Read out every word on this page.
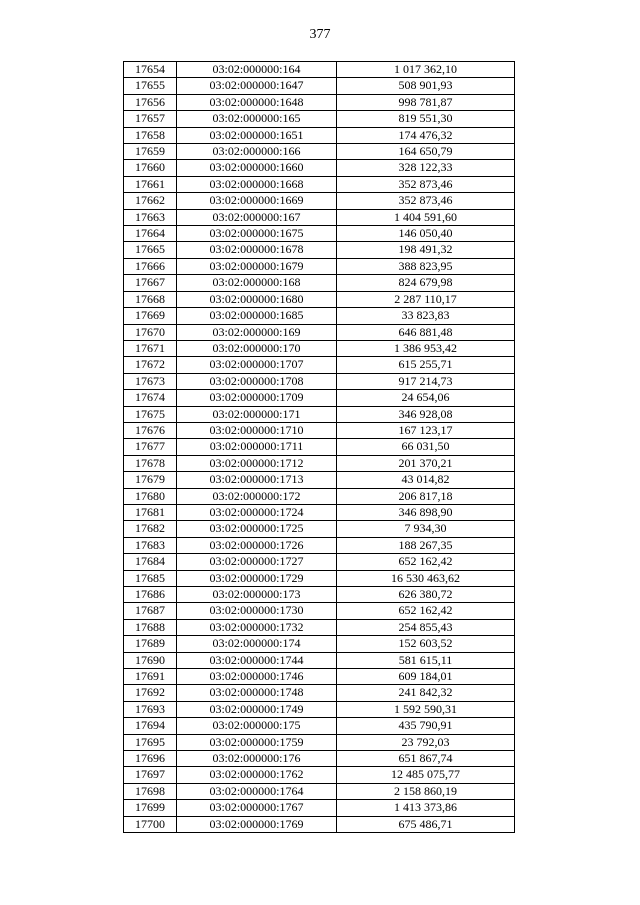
377
17654	03:02:000000:164	1 017 362,10
17655	03:02:000000:1647	508 901,93
17656	03:02:000000:1648	998 781,87
17657	03:02:000000:165	819 551,30
17658	03:02:000000:1651	174 476,32
17659	03:02:000000:166	164 650,79
17660	03:02:000000:1660	328 122,33
17661	03:02:000000:1668	352 873,46
17662	03:02:000000:1669	352 873,46
17663	03:02:000000:167	1 404 591,60
17664	03:02:000000:1675	146 050,40
17665	03:02:000000:1678	198 491,32
17666	03:02:000000:1679	388 823,95
17667	03:02:000000:168	824 679,98
17668	03:02:000000:1680	2 287 110,17
17669	03:02:000000:1685	33 823,83
17670	03:02:000000:169	646 881,48
17671	03:02:000000:170	1 386 953,42
17672	03:02:000000:1707	615 255,71
17673	03:02:000000:1708	917 214,73
17674	03:02:000000:1709	24 654,06
17675	03:02:000000:171	346 928,08
17676	03:02:000000:1710	167 123,17
17677	03:02:000000:1711	66 031,50
17678	03:02:000000:1712	201 370,21
17679	03:02:000000:1713	43 014,82
17680	03:02:000000:172	206 817,18
17681	03:02:000000:1724	346 898,90
17682	03:02:000000:1725	7 934,30
17683	03:02:000000:1726	188 267,35
17684	03:02:000000:1727	652 162,42
17685	03:02:000000:1729	16 530 463,62
17686	03:02:000000:173	626 380,72
17687	03:02:000000:1730	652 162,42
17688	03:02:000000:1732	254 855,43
17689	03:02:000000:174	152 603,52
17690	03:02:000000:1744	581 615,11
17691	03:02:000000:1746	609 184,01
17692	03:02:000000:1748	241 842,32
17693	03:02:000000:1749	1 592 590,31
17694	03:02:000000:175	435 790,91
17695	03:02:000000:1759	23 792,03
17696	03:02:000000:176	651 867,74
17697	03:02:000000:1762	12 485 075,77
17698	03:02:000000:1764	2 158 860,19
17699	03:02:000000:1767	1 413 373,86
17700	03:02:000000:1769	675 486,71
